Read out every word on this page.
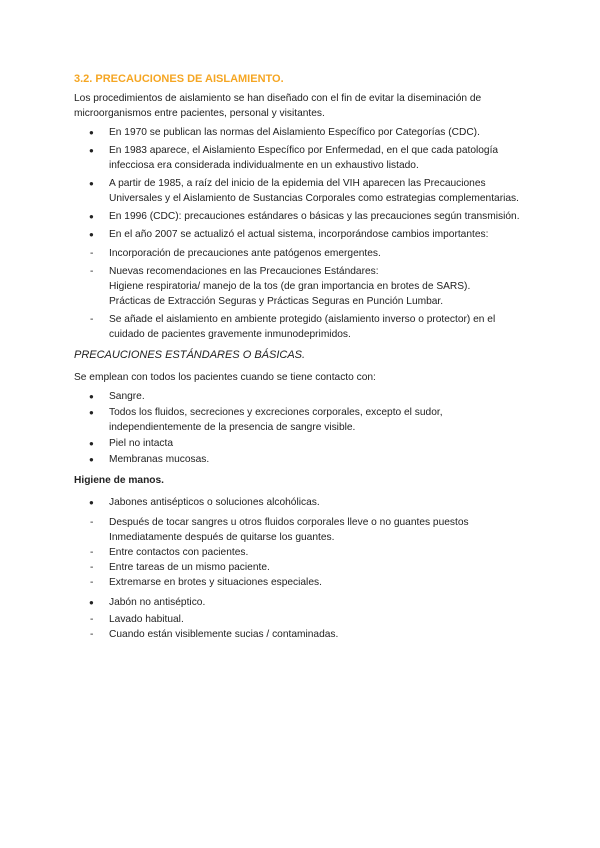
3.2. PRECAUCIONES DE AISLAMIENTO.

Los procedimientos de aislamiento se han diseñado con el fin de evitar la diseminación de microorganismos entre pacientes, personal y visitantes.

● En 1970 se publican las normas del Aislamiento Específico por Categorías (CDC).
● En 1983 aparece, el Aislamiento Específico por Enfermedad, en el que cada patología infecciosa era considerada individualmente en un exhaustivo listado.
● A partir de 1985, a raíz del inicio de la epidemia del VIH aparecen las Precauciones Universales y el Aislamiento de Sustancias Corporales como estrategias complementarias.
● En 1996 (CDC): precauciones estándares o básicas y las precauciones según transmisión.
● En el año 2007 se actualizó el actual sistema, incorporándose cambios importantes:
- Incorporación de precauciones ante patógenos emergentes.
- Nuevas recomendaciones en las Precauciones Estándares:
Higiene respiratoria/ manejo de la tos (de gran importancia en brotes de SARS).
Prácticas de Extracción Seguras y Prácticas Seguras en Punción Lumbar.
- Se añade el aislamiento en ambiente protegido (aislamiento inverso o protector) en el cuidado de pacientes gravemente inmunodeprimidos.

PRECAUCIONES ESTÁNDARES O BÁSICAS.

Se emplean con todos los pacientes cuando se tiene contacto con:

● Sangre.
● Todos los fluidos, secreciones y excreciones corporales, excepto el sudor, independientemente de la presencia de sangre visible.
● Piel no intacta
● Membranas mucosas.

Higiene de manos.

● Jabones antisépticos o soluciones alcohólicas.
- Después de tocar sangres u otros fluidos corporales lleve o no guantes puestos
Inmediatamente después de quitarse los guantes.
- Entre contactos con pacientes.
- Entre tareas de un mismo paciente.
- Extremarse en brotes y situaciones especiales.
● Jabón no antiséptico.
- Lavado habitual.
- Cuando están visiblemente sucias / contaminadas.
